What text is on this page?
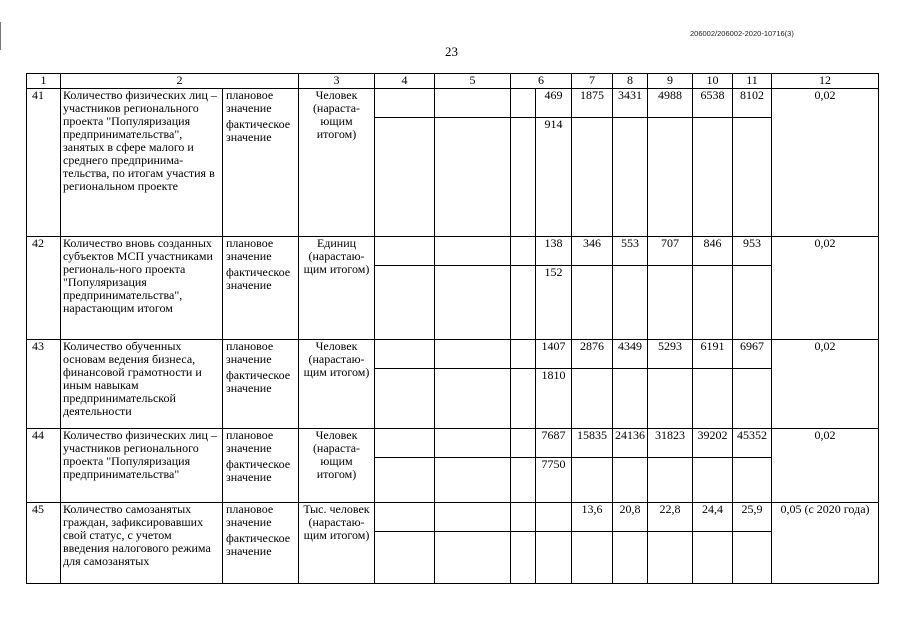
206002/206002-2020-10716(3)
23
1	2		3	4	5	6		7	8	9	10	11	12	
41	Количество физических лиц – участников регионального проекта "Популяризация предпринимательства", занятых в сфере малого и среднего предпринима-тельства, по итогам участия в региональном проекте	плановое значение	Человек (нараста-ющим итогом)				469	1875	3431	4988	6538	8102	0,02	
		фактическое значение					914							
42	Количество вновь созданных субъектов МСП участниками региональ-ного проекта "Популяризация предпринимательства", нарастающим итогом	плановое значение	Единиц (нарастаю-щим итогом)				138	346	553	707	846	953	0,02	
		фактическое значение					152							
43	Количество обученных основам ведения бизнеса, финансовой грамотности и иным навыкам предпринимательской деятельности	плановое значение	Человек (нарастаю-щим итогом)				1407	2876	4349	5293	6191	6967	0,02	
		фактическое значение					1810							
44	Количество физических лиц – участников регионального проекта "Популяризация предпринимательства"	плановое значение	Человек (нараста-ющим итогом)				7687	15835	24136	31823	39202	45352	0,02	
		фактическое значение					7750							
45	Количество самозанятых граждан, зафиксировавших свой статус, с учетом введения налогового режима для самозанятых	плановое значение	Тыс. человек (нарастаю-щим итогом)					13,6	20,8	22,8	24,4	25,9	0,05 (с 2020 года)	
		фактическое значение												
